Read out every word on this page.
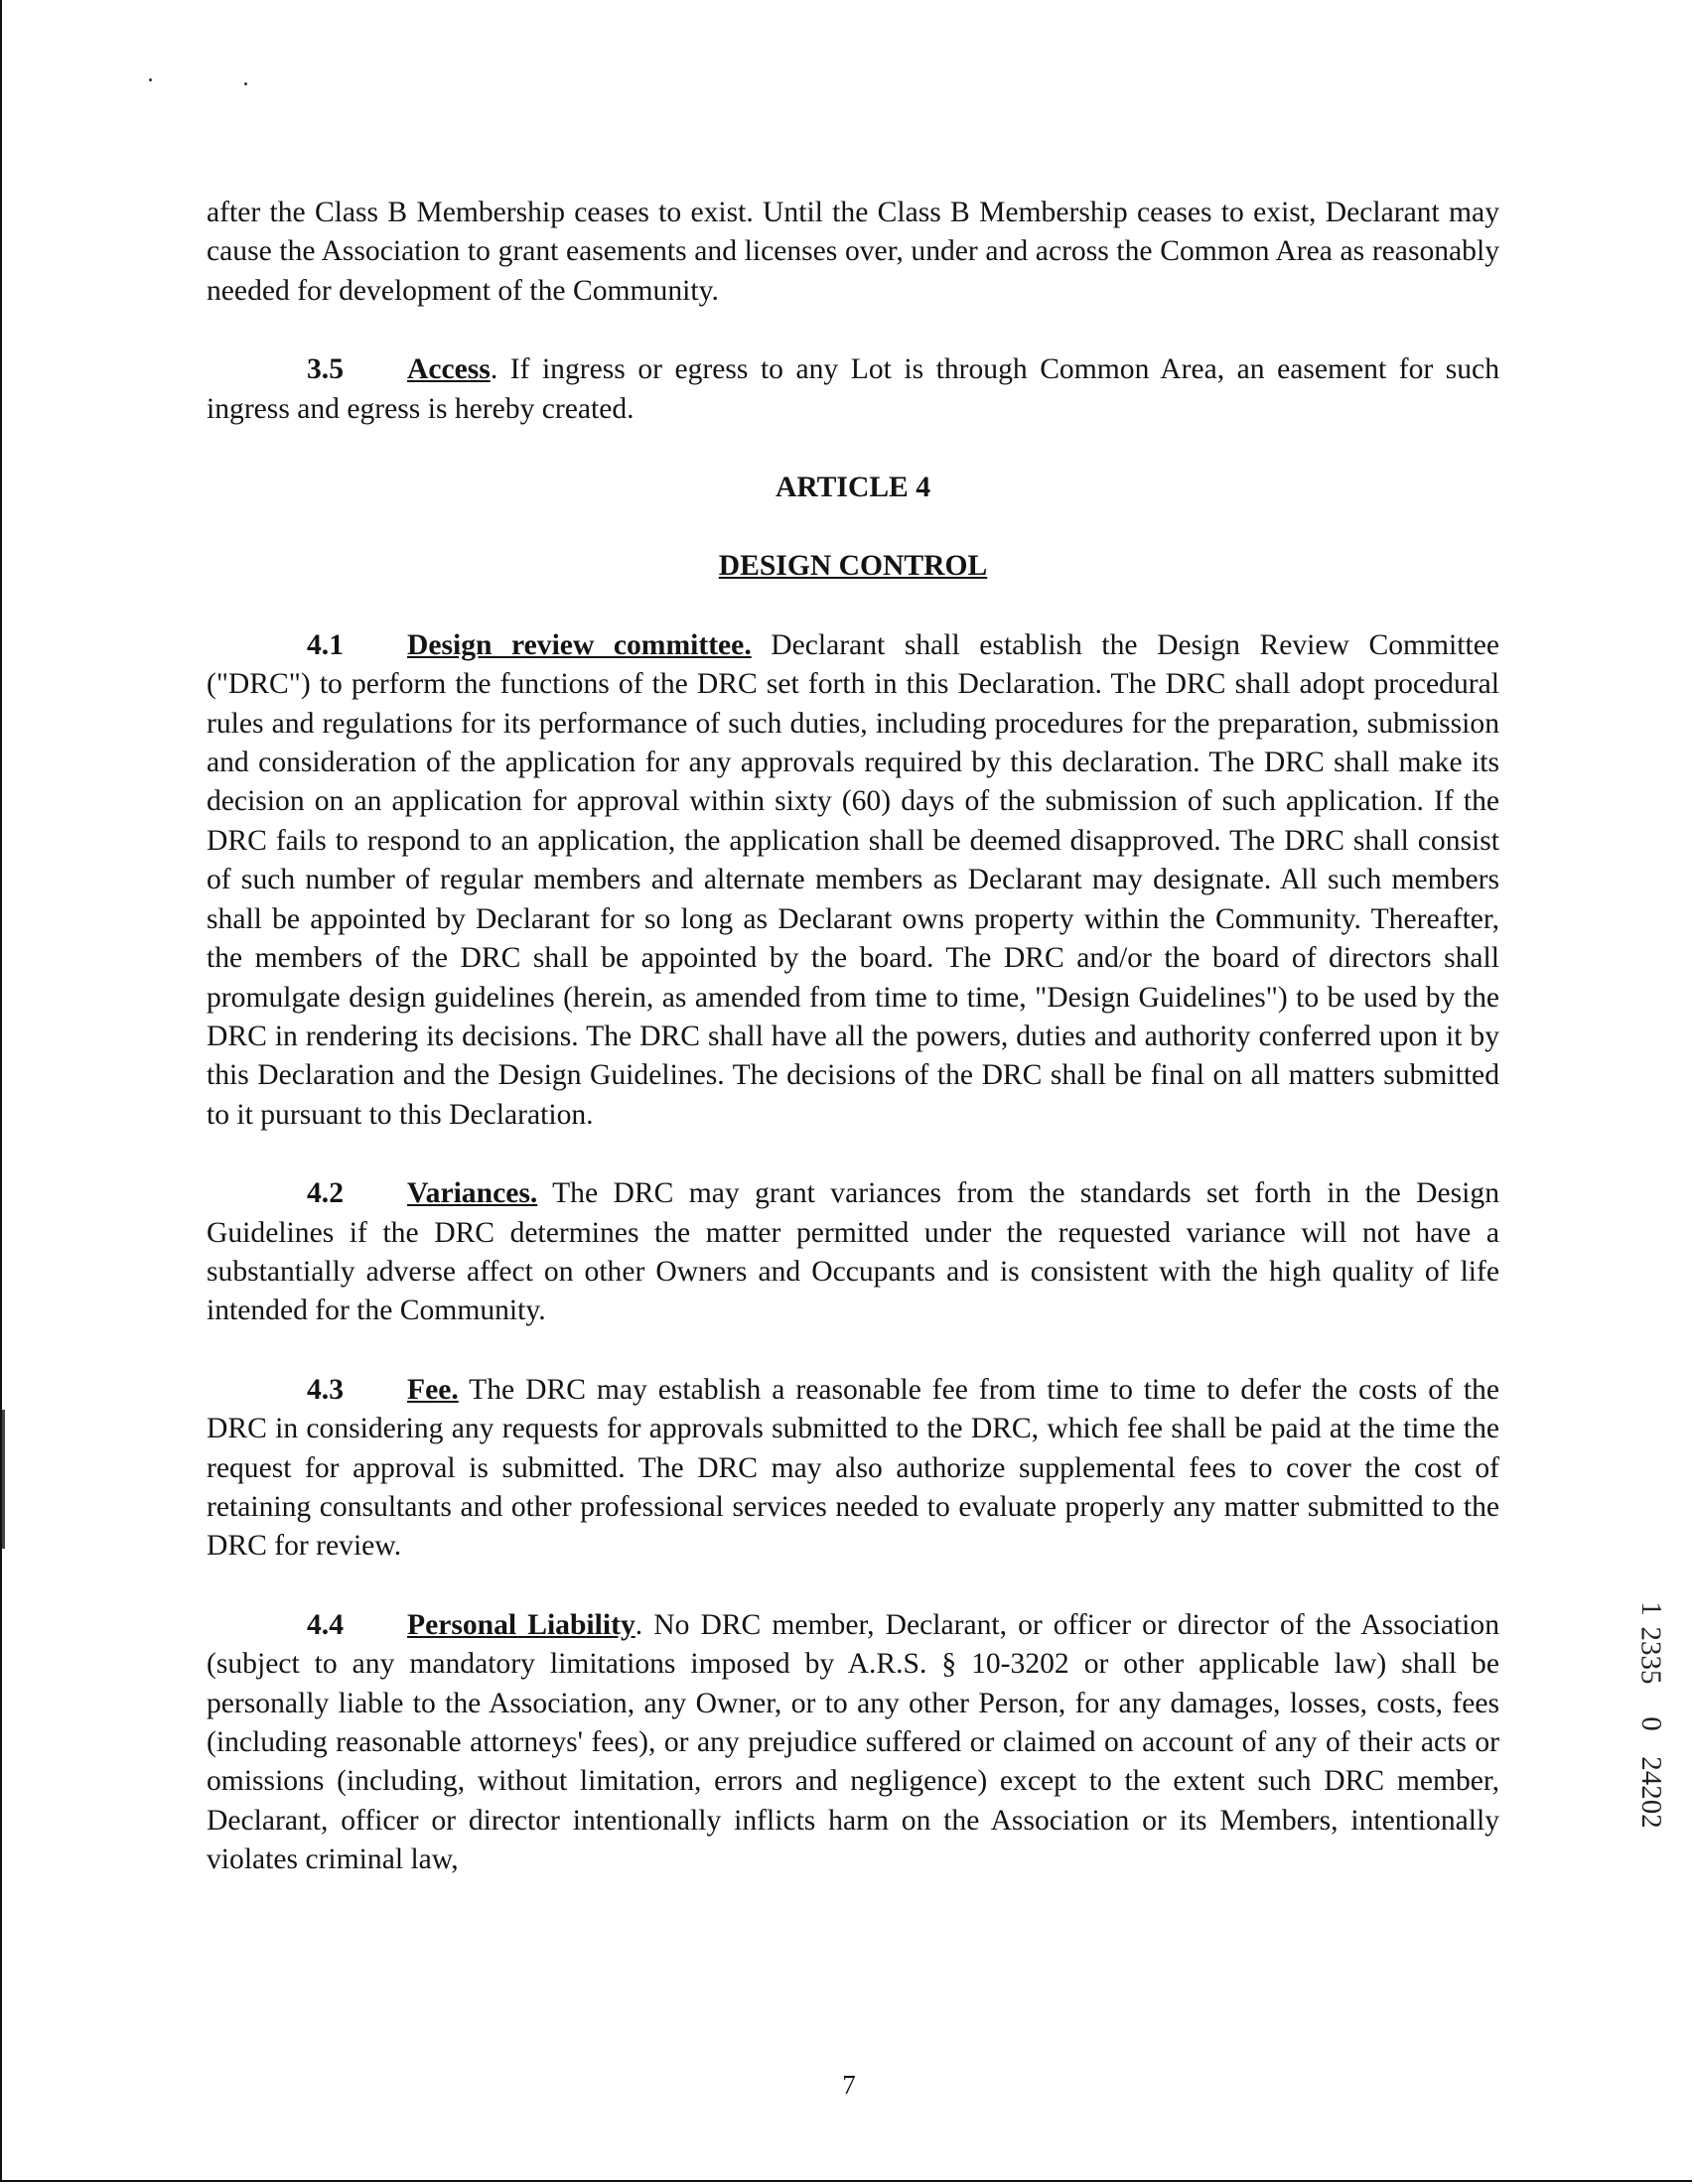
after the Class B Membership ceases to exist. Until the Class B Membership ceases to exist, Declarant may cause the Association to grant easements and licenses over, under and across the Common Area as reasonably needed for development of the Community.

3.5 Access. If ingress or egress to any Lot is through Common Area, an easement for such ingress and egress is hereby created.

ARTICLE 4

DESIGN CONTROL

4.1 Design review committee. Declarant shall establish the Design Review Committee ("DRC") to perform the functions of the DRC set forth in this Declaration. The DRC shall adopt procedural rules and regulations for its performance of such duties, including procedures for the preparation, submission and consideration of the application for any approvals required by this declaration. The DRC shall make its decision on an application for approval within sixty (60) days of the submission of such application. If the DRC fails to respond to an application, the application shall be deemed disapproved. The DRC shall consist of such number of regular members and alternate members as Declarant may designate. All such members shall be appointed by Declarant for so long as Declarant owns property within the Community. Thereafter, the members of the DRC shall be appointed by the board. The DRC and/or the board of directors shall promulgate design guidelines (herein, as amended from time to time, "Design Guidelines") to be used by the DRC in rendering its decisions. The DRC shall have all the powers, duties and authority conferred upon it by this Declaration and the Design Guidelines. The decisions of the DRC shall be final on all matters submitted to it pursuant to this Declaration.

4.2 Variances. The DRC may grant variances from the standards set forth in the Design Guidelines if the DRC determines the matter permitted under the requested variance will not have a substantially adverse affect on other Owners and Occupants and is consistent with the high quality of life intended for the Community.

4.3 Fee. The DRC may establish a reasonable fee from time to time to defer the costs of the DRC in considering any requests for approvals submitted to the DRC, which fee shall be paid at the time the request for approval is submitted. The DRC may also authorize supplemental fees to cover the cost of retaining consultants and other professional services needed to evaluate properly any matter submitted to the DRC for review.

4.4 Personal Liability. No DRC member, Declarant, or officer or director of the Association (subject to any mandatory limitations imposed by A.R.S. § 10-3202 or other applicable law) shall be personally liable to the Association, any Owner, or to any other Person, for any damages, losses, costs, fees (including reasonable attorneys' fees), or any prejudice suffered or claimed on account of any of their acts or omissions (including, without limitation, errors and negligence) except to the extent such DRC member, Declarant, officer or director intentionally inflicts harm on the Association or its Members, intentionally violates criminal law,

1
2335
0
24202
7
